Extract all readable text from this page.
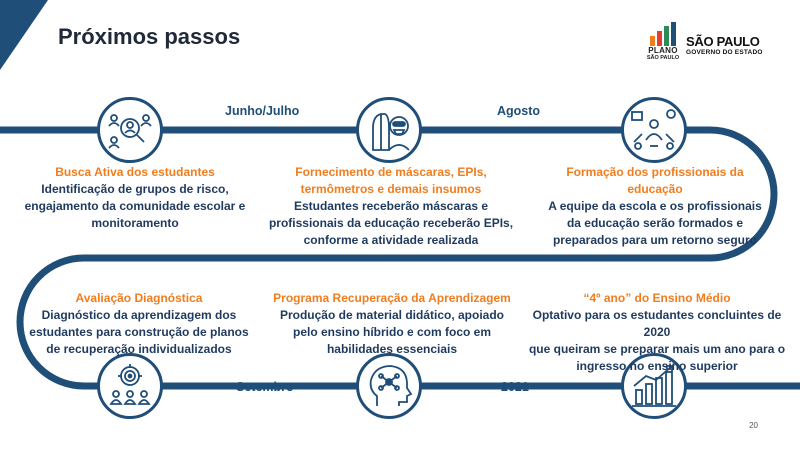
Próximos passos
PLANO
SÃO PAULO
SÃO PAULO
GOVERNO DO ESTADO
Junho/Julho	Agosto
Setembro	2021
Busca Ativa dos estudantes
Identificação de grupos de risco,
engajamento da comunidade escolar e
monitoramento
Fornecimento de máscaras, EPIs,
termômetros e demais insumos
Estudantes receberão máscaras e
profissionais da educação receberão EPIs,
conforme a atividade realizada
Formação dos profissionais da
educação
A equipe da escola e os profissionais
da educação serão formados e
preparados para um retorno seguro
Avaliação Diagnóstica
Diagnóstico da aprendizagem dos
estudantes para construção de planos
de recuperação individualizados
Programa Recuperação da Aprendizagem
Produção de material didático, apoiado
pelo ensino híbrido e com foco em
habilidades essenciais
“4º ano” do Ensino Médio
Optativo para os estudantes concluintes de 2020
que queiram se preparar mais um ano para o
ingresso no ensino superior
20
